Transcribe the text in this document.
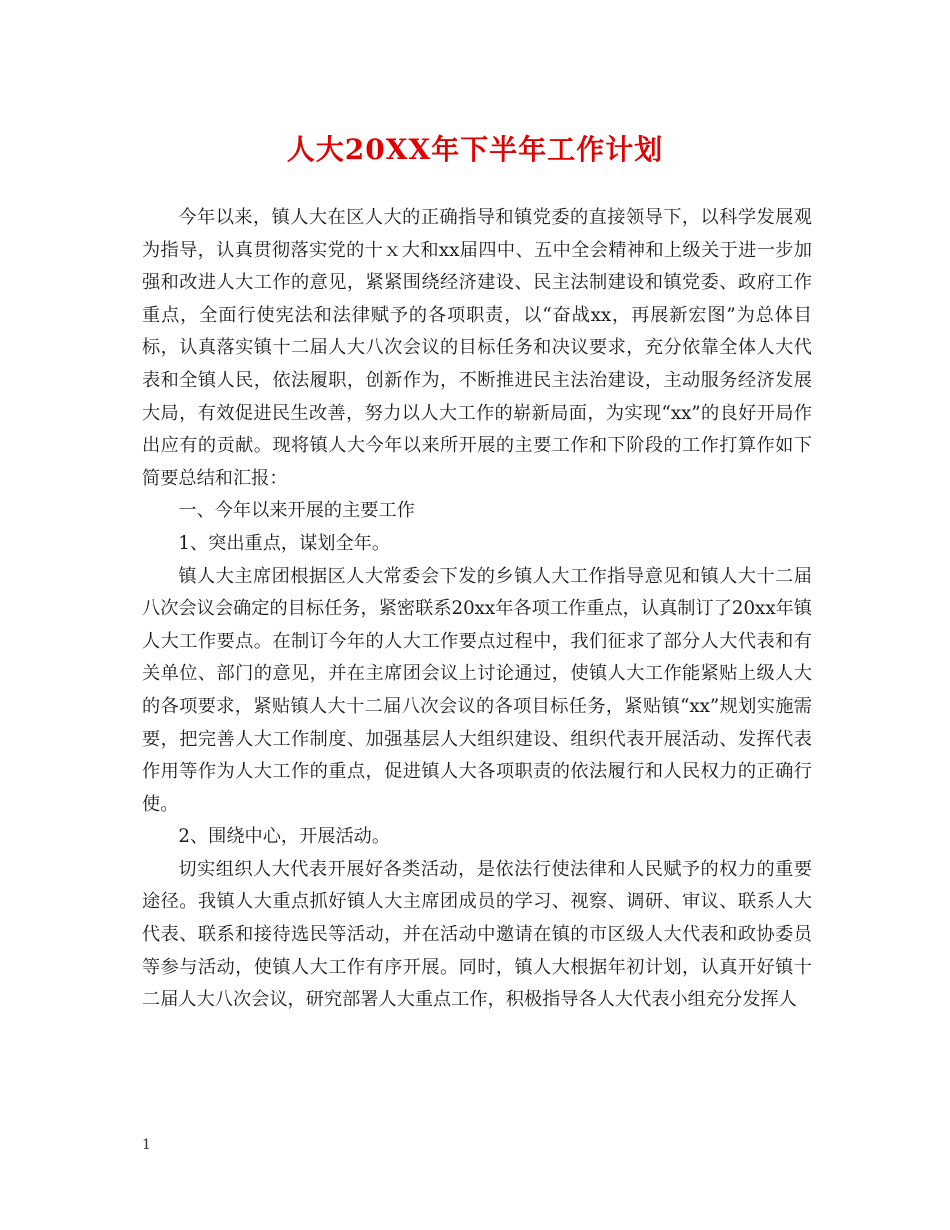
人大20XX年下半年工作计划

今年以来，镇人大在区人大的正确指导和镇党委的直接领导下，以科学发展观为指导，认真贯彻落实党的十ｘ大和xx届四中、五中全会精神和上级关于进一步加强和改进人大工作的意见，紧紧围绕经济建设、民主法制建设和镇党委、政府工作重点，全面行使宪法和法律赋予的各项职责，以“奋战xx，再展新宏图”为总体目标，认真落实镇十二届人大八次会议的目标任务和决议要求，充分依靠全体人大代表和全镇人民，依法履职，创新作为，不断推进民主法治建设，主动服务经济发展大局，有效促进民生改善，努力以人大工作的崭新局面，为实现“xx”的良好开局作出应有的贡献。现将镇人大今年以来所开展的主要工作和下阶段的工作打算作如下简要总结和汇报：

一、今年以来开展的主要工作

1、突出重点，谋划全年。

镇人大主席团根据区人大常委会下发的乡镇人大工作指导意见和镇人大十二届八次会议会确定的目标任务，紧密联系20xx年各项工作重点，认真制订了20xx年镇人大工作要点。在制订今年的人大工作要点过程中，我们征求了部分人大代表和有关单位、部门的意见，并在主席团会议上讨论通过，使镇人大工作能紧贴上级人大的各项要求，紧贴镇人大十二届八次会议的各项目标任务，紧贴镇“xx”规划实施需要，把完善人大工作制度、加强基层人大组织建设、组织代表开展活动、发挥代表作用等作为人大工作的重点，促进镇人大各项职责的依法履行和人民权力的正确行使。

2、围绕中心，开展活动。

切实组织人大代表开展好各类活动，是依法行使法律和人民赋予的权力的重要途径。我镇人大重点抓好镇人大主席团成员的学习、视察、调研、审议、联系人大代表、联系和接待选民等活动，并在活动中邀请在镇的市区级人大代表和政协委员等参与活动，使镇人大工作有序开展。同时，镇人大根据年初计划，认真开好镇十二届人大八次会议，研究部署人大重点工作，积极指导各人大代表小组充分发挥人

1
